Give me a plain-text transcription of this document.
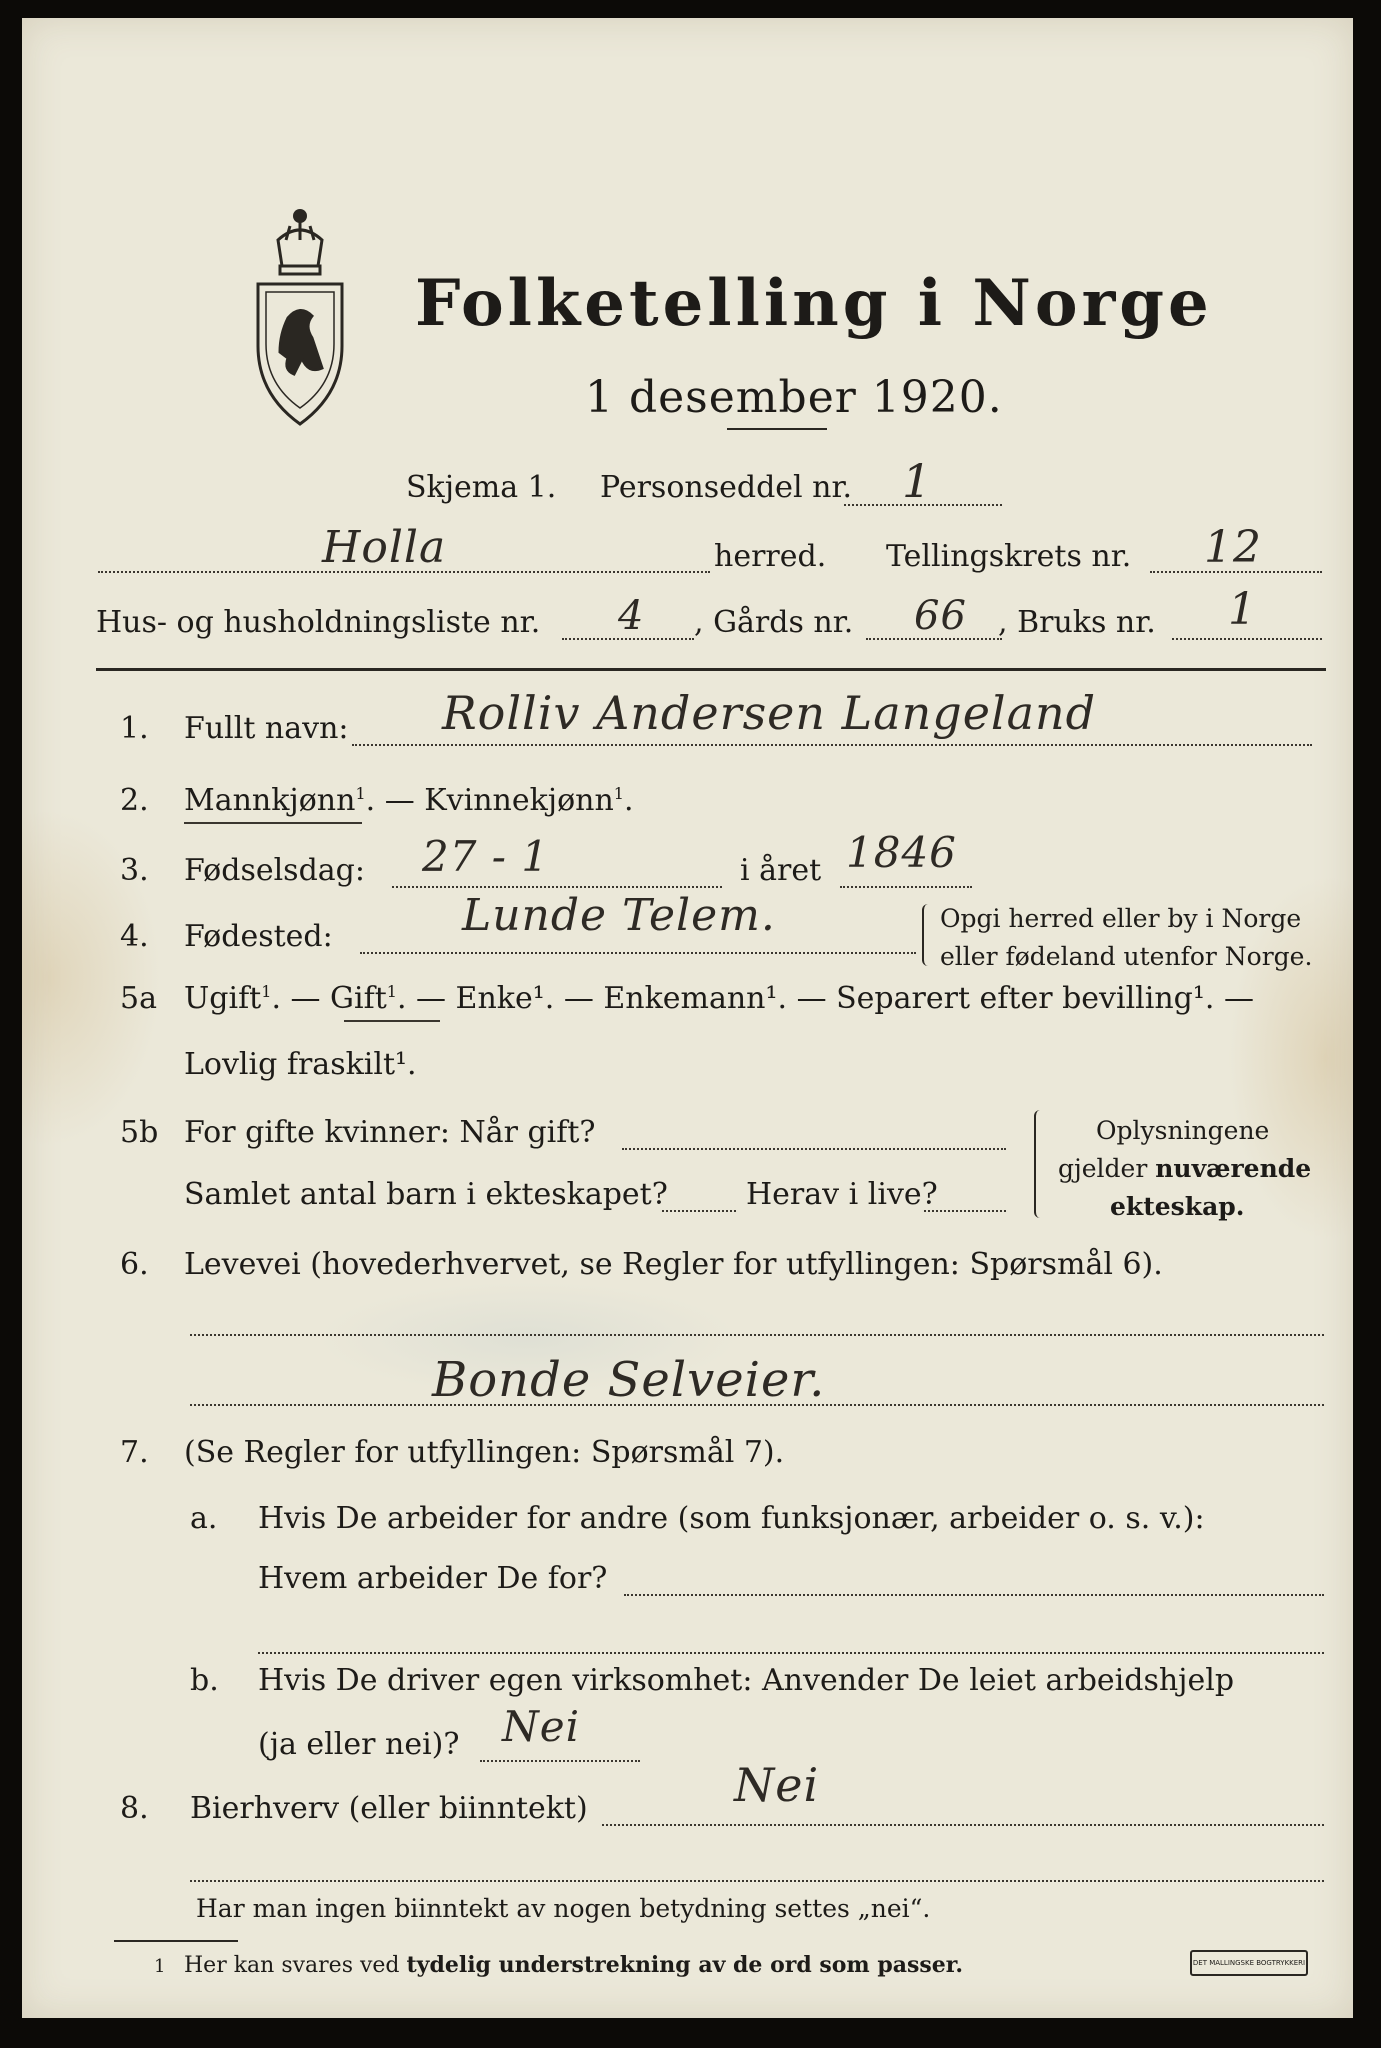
Folketelling i Norge
1 desember 1920.
Skjema 1. Personseddel nr. 1
Holla	herred. Tellingskrets nr. 12
Hus- og husholdningsliste nr. 4 , Gårds nr. 66 , Bruks nr. 1
1. Fullt navn: Rolliv Andersen Langeland
2. Mannkjønn$^1$. — Kvinnekjønn$^1$.
3. Fødselsdag: 27 - 1	i året 1846
4. Fødested:	Lunde Telem.	Opgi herred eller by i Norge
eller fødeland utenfor Norge.
5a Ugift$^1$. — Gift$^1$. — Enke¹. — Enkemann¹. — Separert efter bevilling¹. —
Lovlig fraskilt¹.
5b For gifte kvinner: Når gift?
Samlet antal barn i ekteskapet?	Herav i live?
Oplysningene
gjelder nuværende
ekteskap.
6. Levevei (hovederhvervet, se Regler for utfyllingen: Spørsmål 6).
Bonde Selveier.
7. (Se Regler for utfyllingen: Spørsmål 7).
a. Hvis De arbeider for andre (som funksjonær, arbeider o. s. v.):
Hvem arbeider De for?
b. Hvis De driver egen virksomhet: Anvender De leiet arbeidshjelp
(ja eller nei)? Nei
8. Bierhverv (eller biinntekt)	Nei
Har man ingen biinntekt av nogen betydning settes „nei“.
1 Her kan svares ved tydelig understrekning av de ord som passer.	DET MALLINGSKE BOGTRYKKERI
